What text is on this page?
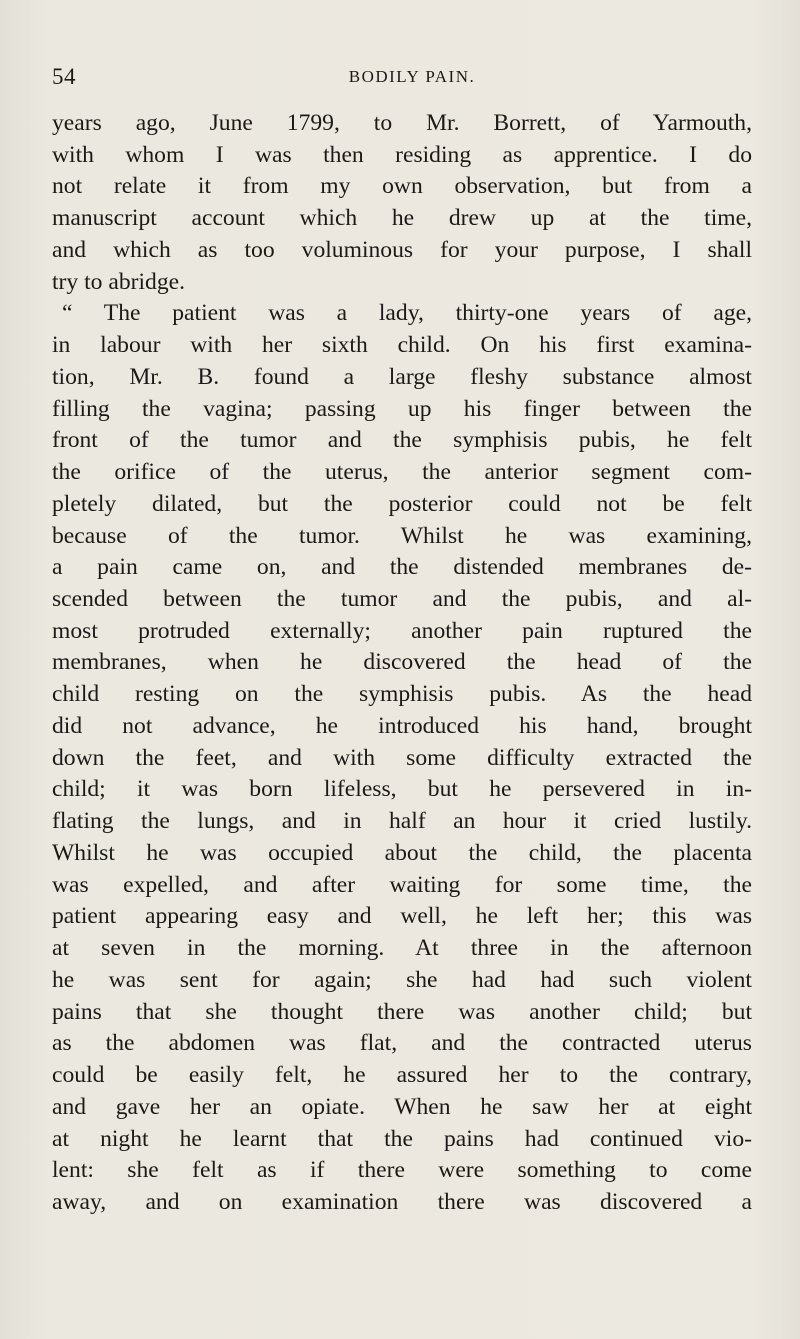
54	BODILY PAIN.
years ago, June 1799, to Mr. Borrett, of Yarmouth,
with whom I was then residing as apprentice. I do
not relate it from my own observation, but from a
manuscript account which he drew up at the time,
and which as too voluminous for your purpose, I shall
try to abridge.
“ The patient was a lady, thirty-one years of age,
in labour with her sixth child. On his first examina-
tion, Mr. B. found a large fleshy substance almost
filling the vagina; passing up his finger between the
front of the tumor and the symphisis pubis, he felt
the orifice of the uterus, the anterior segment com-
pletely dilated, but the posterior could not be felt
because of the tumor. Whilst he was examining,
a pain came on, and the distended membranes de-
scended between the tumor and the pubis, and al-
most protruded externally; another pain ruptured the
membranes, when he discovered the head of the
child resting on the symphisis pubis. As the head
did not advance, he introduced his hand, brought
down the feet, and with some difficulty extracted the
child; it was born lifeless, but he persevered in in-
flating the lungs, and in half an hour it cried lustily.
Whilst he was occupied about the child, the placenta
was expelled, and after waiting for some time, the
patient appearing easy and well, he left her; this was
at seven in the morning. At three in the afternoon
he was sent for again; she had had such violent
pains that she thought there was another child; but
as the abdomen was flat, and the contracted uterus
could be easily felt, he assured her to the contrary,
and gave her an opiate. When he saw her at eight
at night he learnt that the pains had continued vio-
lent: she felt as if there were something to come
away, and on examination there was discovered a
